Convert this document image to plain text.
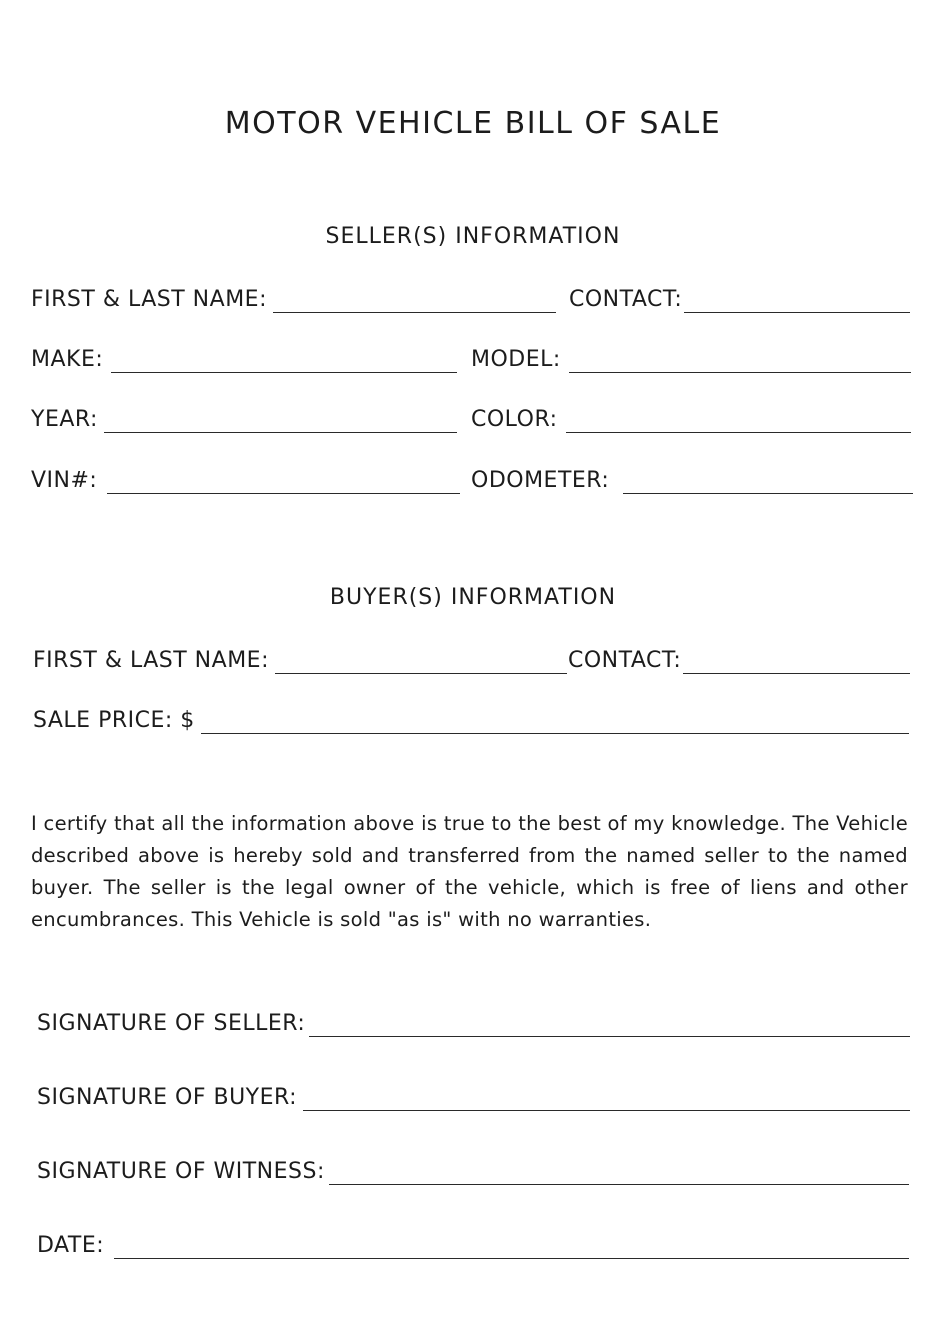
MOTOR VEHICLE BILL OF SALE
SELLER(S) INFORMATION
FIRST & LAST NAME:	CONTACT:
MAKE:	MODEL:
YEAR:	COLOR:
VIN#:	ODOMETER:
BUYER(S) INFORMATION
FIRST & LAST NAME:	CONTACT:
SALE PRICE: $
I certify that all the information above is true to the best of my knowledge. The Vehicle described above is hereby sold and transferred from the named seller to the named buyer. The seller is the legal owner of the vehicle, which is free of liens and other encumbrances. This Vehicle is sold "as is" with no warranties.
SIGNATURE OF SELLER:
SIGNATURE OF BUYER:
SIGNATURE OF WITNESS:
DATE:
